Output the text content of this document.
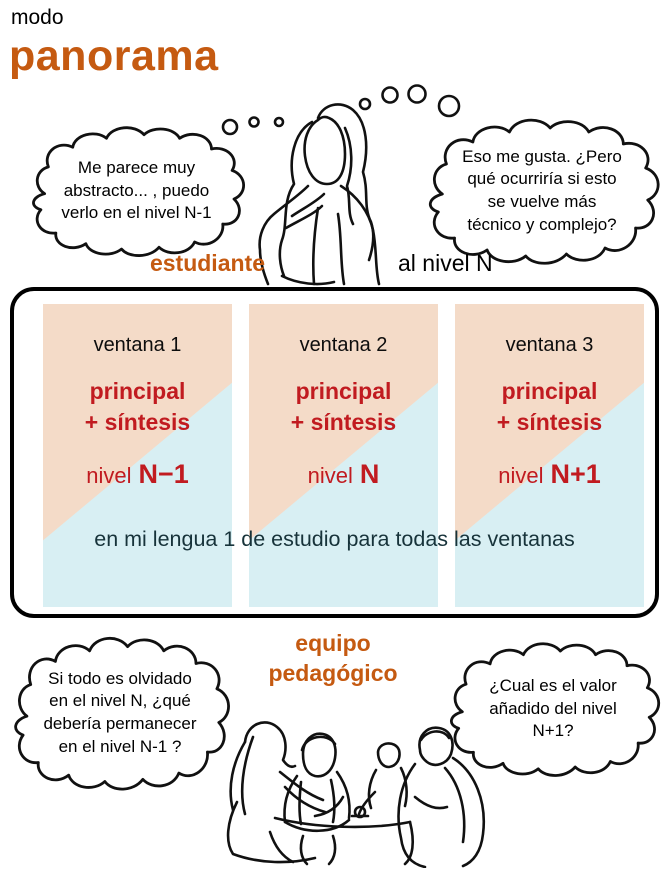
modo
panorama
Me parece muy
abstracto... , puedo
verlo en el nivel N-1
Eso me gusta. ¿Pero
qué ocurriría si esto
se vuelve más
técnico y complejo?
Si todo es olvidado
en el nivel N, ¿qué
debería permanecer
en el nivel N-1 ?
¿Cual es el valor
añadido del nivel
N+1?
estudiante	al nivel N
ventana 1
principal
+ síntesis
nivel N−1
ventana 2
principal
+ síntesis
nivel N
ventana 3
principal
+ síntesis
nivel N+1
en mi lengua 1 de estudio para todas las ventanas
equipo
pedagógico
